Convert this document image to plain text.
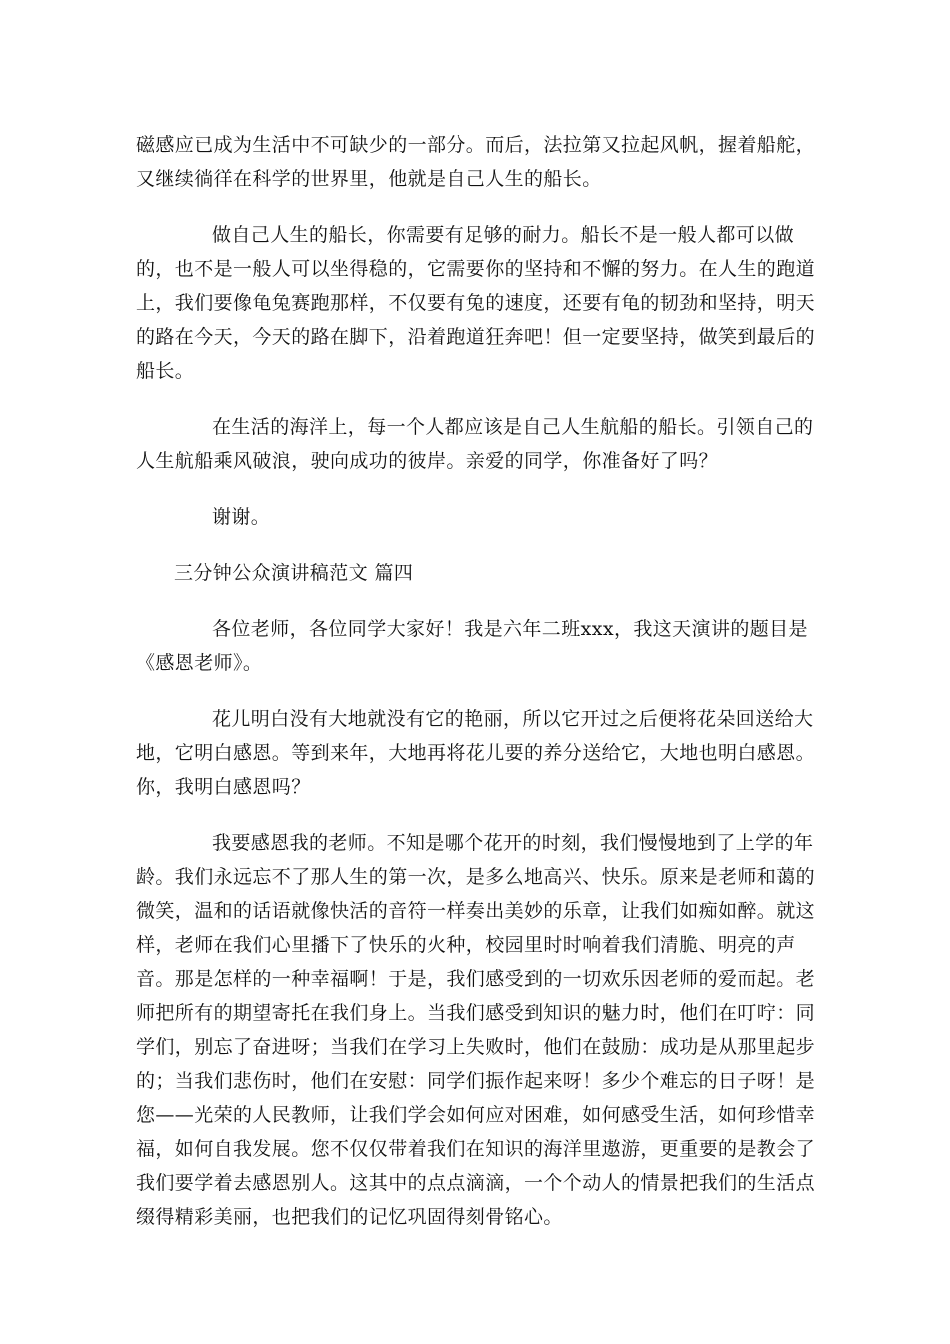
磁感应已成为生活中不可缺少的一部分。而后，法拉第又拉起风帆，握着船舵，又继续徜徉在科学的世界里，他就是自己人生的船长。

做自己人生的船长，你需要有足够的耐力。船长不是一般人都可以做的，也不是一般人可以坐得稳的，它需要你的坚持和不懈的努力。在人生的跑道上，我们要像龟兔赛跑那样，不仅要有兔的速度，还要有龟的韧劲和坚持，明天的路在今天，今天的路在脚下，沿着跑道狂奔吧！但一定要坚持，做笑到最后的船长。

在生活的海洋上，每一个人都应该是自己人生航船的船长。引领自己的人生航船乘风破浪，驶向成功的彼岸。亲爱的同学，你准备好了吗？

谢谢。

三分钟公众演讲稿范文 篇四

各位老师，各位同学大家好！我是六年二班xxx，我这天演讲的题目是《感恩老师》。

花儿明白没有大地就没有它的艳丽，所以它开过之后便将花朵回送给大地，它明白感恩。等到来年，大地再将花儿要的养分送给它，大地也明白感恩。你，我明白感恩吗？

我要感恩我的老师。不知是哪个花开的时刻，我们慢慢地到了上学的年龄。我们永远忘不了那人生的第一次，是多么地高兴、快乐。原来是老师和蔼的微笑，温和的话语就像快活的音符一样奏出美妙的乐章，让我们如痴如醉。就这样，老师在我们心里播下了快乐的火种，校园里时时响着我们清脆、明亮的声音。那是怎样的一种幸福啊！于是，我们感受到的一切欢乐因老师的爱而起。老师把所有的期望寄托在我们身上。当我们感受到知识的魅力时，他们在叮咛：同学们，别忘了奋进呀；当我们在学习上失败时，他们在鼓励：成功是从那里起步的；当我们悲伤时，他们在安慰：同学们振作起来呀！多少个难忘的日子呀！是您——光荣的人民教师，让我们学会如何应对困难，如何感受生活，如何珍惜幸福，如何自我发展。您不仅仅带着我们在知识的海洋里遨游，更重要的是教会了我们要学着去感恩别人。这其中的点点滴滴，一个个动人的情景把我们的生活点缀得精彩美丽，也把我们的记忆巩固得刻骨铭心。
